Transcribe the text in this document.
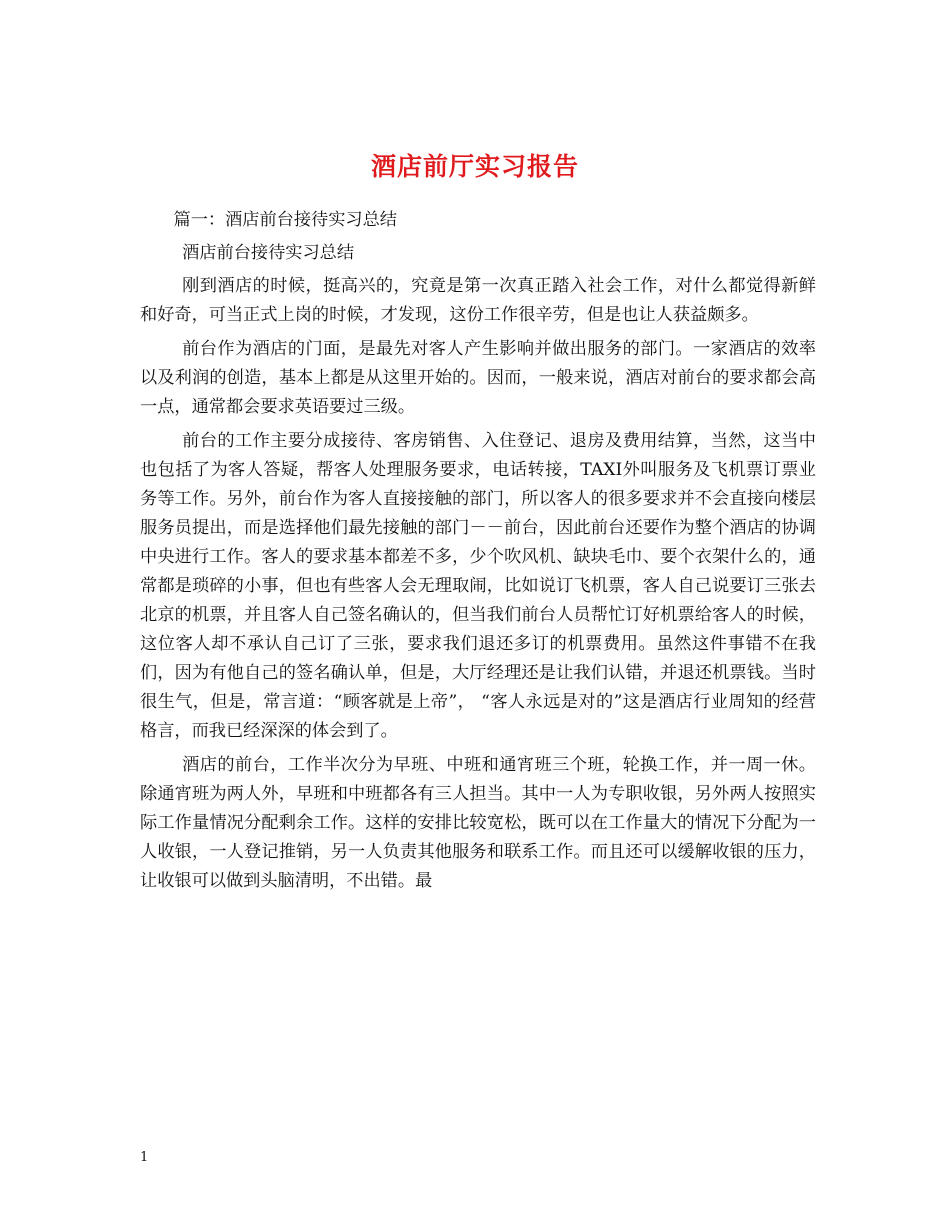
酒店前厅实习报告

篇一：酒店前台接待实习总结

酒店前台接待实习总结

刚到酒店的时候，挺高兴的，究竟是第一次真正踏入社会工作，对什么都觉得新鲜和好奇，可当正式上岗的时候，才发现，这份工作很辛劳，但是也让人获益颇多。

前台作为酒店的门面，是最先对客人产生影响并做出服务的部门。一家酒店的效率以及利润的创造，基本上都是从这里开始的。因而，一般来说，酒店对前台的要求都会高一点，通常都会要求英语要过三级。

前台的工作主要分成接待、客房销售、入住登记、退房及费用结算，当然，这当中也包括了为客人答疑，帮客人处理服务要求，电话转接，TAXI外叫服务及飞机票订票业务等工作。另外，前台作为客人直接接触的部门，所以客人的很多要求并不会直接向楼层服务员提出，而是选择他们最先接触的部门－－前台，因此前台还要作为整个酒店的协调中央进行工作。客人的要求基本都差不多，少个吹风机、缺块毛巾、要个衣架什么的，通常都是琐碎的小事，但也有些客人会无理取闹，比如说订飞机票，客人自己说要订三张去北京的机票，并且客人自己签名确认的，但当我们前台人员帮忙订好机票给客人的时候，这位客人却不承认自己订了三张，要求我们退还多订的机票费用。虽然这件事错不在我们，因为有他自己的签名确认单，但是，大厅经理还是让我们认错，并退还机票钱。当时很生气，但是，常言道：“顾客就是上帝”， “客人永远是对的”这是酒店行业周知的经营格言，而我已经深深的体会到了。

酒店的前台，工作半次分为早班、中班和通宵班三个班，轮换工作，并一周一休。除通宵班为两人外，早班和中班都各有三人担当。其中一人为专职收银，另外两人按照实际工作量情况分配剩余工作。这样的安排比较宽松，既可以在工作量大的情况下分配为一人收银，一人登记推销，另一人负责其他服务和联系工作。而且还可以缓解收银的压力，让收银可以做到头脑清明，不出错。最

1
